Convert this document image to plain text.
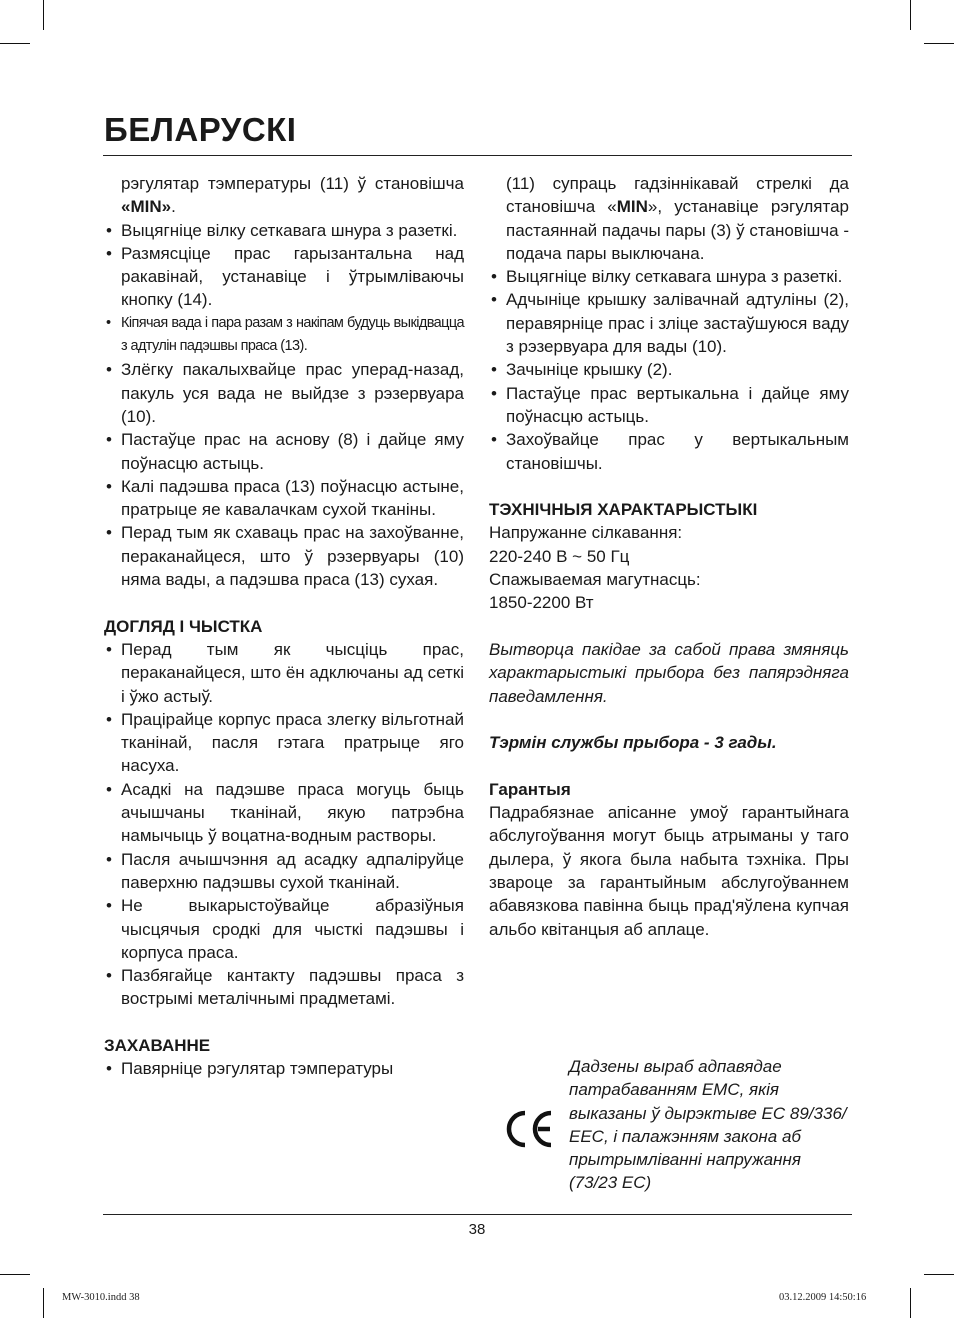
БЕЛАРУСКІ

рэгулятар тэмпературы (11) ў становішча «MIN».

• Выцягніце вілку сеткавага шнура з разеткі.
• Размясціце прас гарызантальна над ракавінай, устанавіце і ўтрымліваючы кнопку (14).
• Кіпячая вада і пара разам з накіпам будуць выкідвацца з адтулін падэшвы праса (13).
• Злёгку пакалыхвайце прас уперад-назад, пакуль уся вада не выйдзе з рэзервуара (10).
• Пастаўце прас на аснову (8) і дайце яму поўнасцю астыць.
• Калі падэшва праса (13) поўнасцю астыне, пратрыце яе кавалачкам сухой тканіны.
• Перад тым як схаваць прас на захоўванне, пераканайцеся, што ў рэзервуары (10) няма вады, а падэшва праса (13) сухая.
ДОГЛЯД І ЧЫСТКА
• Перад тым як чысціць прас, пераканайцеся, што ён адключаны ад сеткі і ўжо астыў.
• Працірайце корпус праса злегку вільготнай тканінай, пасля гэтага пратрыце яго насуха.
• Асадкі на падэшве праса могуць быць ачышчаны тканінай, якую патрэбна намычыць ў воцатна-водным растворы.
• Пасля ачышчэння ад асадку адпаліруйце паверхню падэшвы сухой тканінай.
• Не выкарыстоўвайце абразіўныя чысцячыя сродкі для чысткі падэшвы і корпуса праса.
• Пазбягайце кантакту падэшвы праса з вострымі металічнымі прадметамі.
ЗАХАВАННЕ
• Павярніце рэгулятар тэмпературы

(11) супраць гадзіннікавай стрелкі да становішча «MIN», устанавіце рэгулятар пастаяннай падачы пары (3) ў становішча - подача пары выключана.

• Выцягніце вілку сеткавага шнура з разеткі.
• Адчыніце крышку залівачнай адтуліны (2), перавярніце прас і зліце застаўшуюся ваду з рэзервуара для вады (10).
• Зачыніце крышку (2).
• Пастаўце прас вертыкальна і дайце яму поўнасцю астыць.
• Захоўвайце прас у вертыкальным становішчы.
ТЭХНІЧНЫЯ ХАРАКТАРЫСТЫКІ
Напружанне сілкавання:
220-240 В ~ 50 Гц
Спажываемая магутнасць:
1850-2200 Вт

Вытворца пакідае за сабой права змяняць характарыстыкі прыбора без папярэдняга паведамлення.

Тэрмін службы прыбора - 3 гады.

Гарантыя

Падрабязнае апісанне умоў гарантыйнага абслугоўвання могут быць атрыманы у таго дылера, ў якога была набыта тэхніка. Пры звароце за гарантыйным абслугоўваннем абавязкова павінна быць прад'яўлена купчая альбо квітанцыя аб аплаце.

Дадзены выраб адпавядае патрабаванням ЕМС, якія выказаны ў дырэктыве ЕС 89/336/ЕЕС, і палажэнням закона аб прытрымліванні напружання (73/23 ЕС)

38
MW-3010.indd 38	03.12.2009 14:50:16
